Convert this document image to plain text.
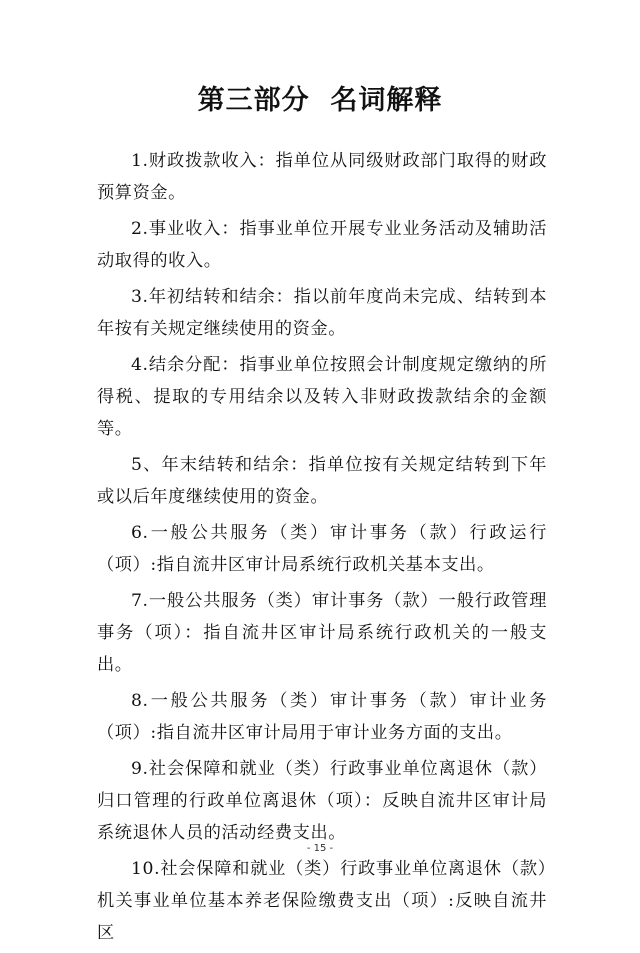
第三部分  名词解释

1.财政拨款收入：指单位从同级财政部门取得的财政预算资金。

2.事业收入：指事业单位开展专业业务活动及辅助活动取得的收入。

3.年初结转和结余：指以前年度尚未完成、结转到本年按有关规定继续使用的资金。

4.结余分配：指事业单位按照会计制度规定缴纳的所得税、提取的专用结余以及转入非财政拨款结余的金额等。

5、年末结转和结余：指单位按有关规定结转到下年或以后年度继续使用的资金。

6.一般公共服务（类）审计事务（款）行政运行（项）:指自流井区审计局系统行政机关基本支出。

7.一般公共服务（类）审计事务（款）一般行政管理事务（项）：指自流井区审计局系统行政机关的一般支出。

8.一般公共服务（类）审计事务（款）审计业务（项）:指自流井区审计局用于审计业务方面的支出。

9.社会保障和就业（类）行政事业单位离退休（款）归口管理的行政单位离退休（项）：反映自流井区审计局系统退休人员的活动经费支出。

10.社会保障和就业（类）行政事业单位离退休（款）机关事业单位基本养老保险缴费支出（项）:反映自流井区

- 15 -
